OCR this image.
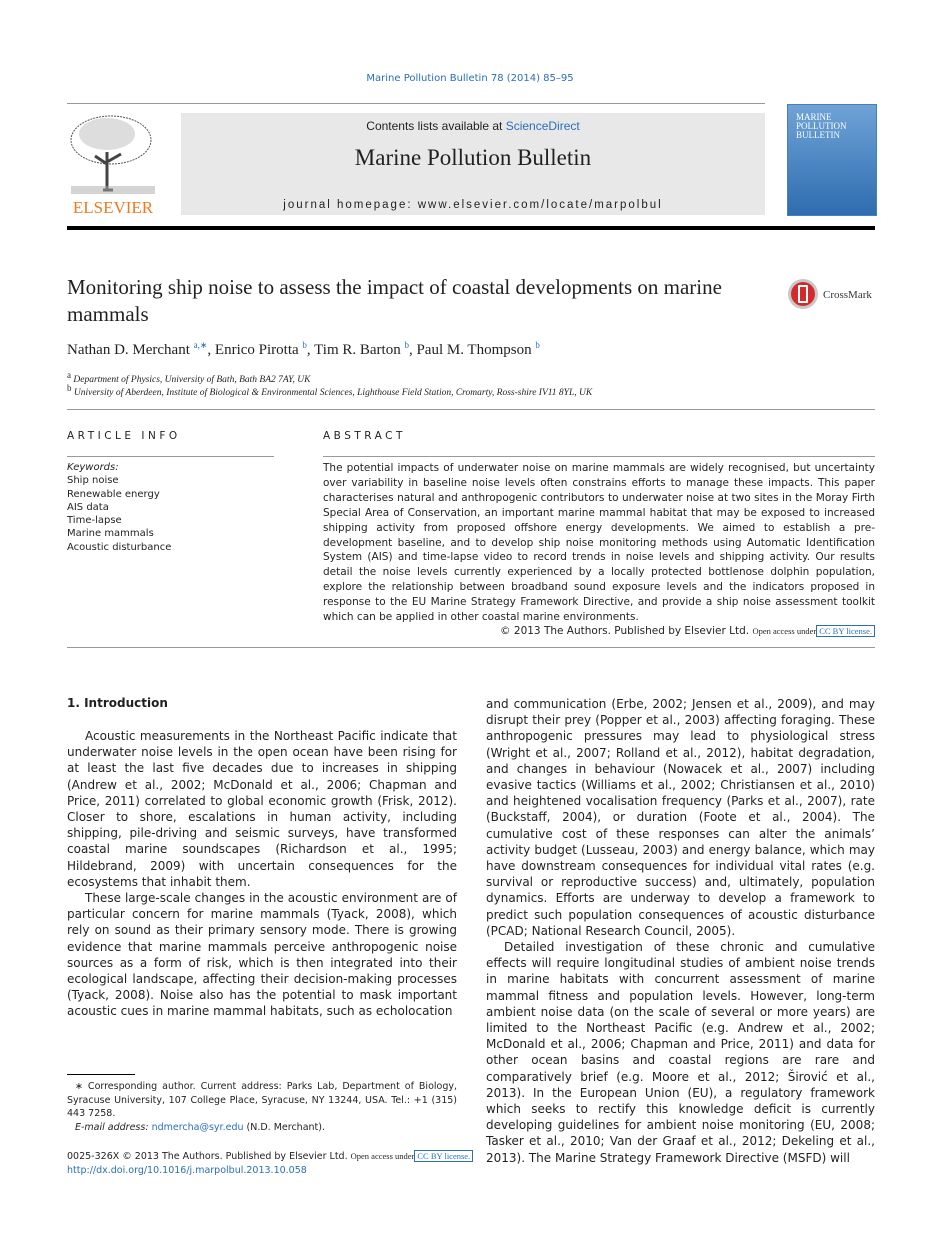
Marine Pollution Bulletin 78 (2014) 85–95
ELSEVIER
Contents lists available at ScienceDirect
Marine Pollution Bulletin
journal homepage: www.elsevier.com/locate/marpolbul
MARINE POLLUTION BULLETIN
Monitoring ship noise to assess the impact of coastal developments on marine mammals
CrossMark
Nathan D. Merchant $^{a,∗}$, Enrico Pirotta $^b$, Tim R. Barton $^b$, Paul M. Thompson $^b$
$^a$ Department of Physics, University of Bath, Bath BA2 7AY, UK
$^b$ University of Aberdeen, Institute of Biological & Environmental Sciences, Lighthouse Field Station, Cromarty, Ross-shire IV11 8YL, UK
ARTICLE INFO	ABSTRACT
Keywords:
Ship noise
Renewable energy
AIS data
Time-lapse
Marine mammals
Acoustic disturbance
The potential impacts of underwater noise on marine mammals are widely recognised, but uncertainty over variability in baseline noise levels often constrains efforts to manage these impacts. This paper characterises natural and anthropogenic contributors to underwater noise at two sites in the Moray Firth Special Area of Conservation, an important marine mammal habitat that may be exposed to increased shipping activity from proposed offshore energy developments. We aimed to establish a pre-development baseline, and to develop ship noise monitoring methods using Automatic Identification System (AIS) and time-lapse video to record trends in noise levels and shipping activity. Our results detail the noise levels currently experienced by a locally protected bottlenose dolphin population, explore the relationship between broadband sound exposure levels and the indicators proposed in response to the EU Marine Strategy Framework Directive, and provide a ship noise assessment toolkit which can be applied in other coastal marine environments.
© 2013 The Authors. Published by Elsevier Ltd. Open access under CC BY license.
1. Introduction

Acoustic measurements in the Northeast Pacific indicate that underwater noise levels in the open ocean have been rising for at least the last five decades due to increases in shipping (Andrew et al., 2002; McDonald et al., 2006; Chapman and Price, 2011) correlated to global economic growth (Frisk, 2012). Closer to shore, escalations in human activity, including shipping, pile-driving and seismic surveys, have transformed coastal marine soundscapes (Richardson et al., 1995; Hildebrand, 2009) with uncertain consequences for the ecosystems that inhabit them.

These large-scale changes in the acoustic environment are of particular concern for marine mammals (Tyack, 2008), which rely on sound as their primary sensory mode. There is growing evidence that marine mammals perceive anthropogenic noise sources as a form of risk, which is then integrated into their ecological landscape, affecting their decision-making processes (Tyack, 2008). Noise also has the potential to mask important acoustic cues in marine mammal habitats, such as echolocation

and communication (Erbe, 2002; Jensen et al., 2009), and may disrupt their prey (Popper et al., 2003) affecting foraging. These anthropogenic pressures may lead to physiological stress (Wright et al., 2007; Rolland et al., 2012), habitat degradation, and changes in behaviour (Nowacek et al., 2007) including evasive tactics (Williams et al., 2002; Christiansen et al., 2010) and heightened vocalisation frequency (Parks et al., 2007), rate (Buckstaff, 2004), or duration (Foote et al., 2004). The cumulative cost of these responses can alter the animals’ activity budget (Lusseau, 2003) and energy balance, which may have downstream consequences for individual vital rates (e.g. survival or reproductive success) and, ultimately, population dynamics. Efforts are underway to develop a framework to predict such population consequences of acoustic disturbance (PCAD; National Research Council, 2005).

Detailed investigation of these chronic and cumulative effects will require longitudinal studies of ambient noise trends in marine habitats with concurrent assessment of marine mammal fitness and population levels. However, long-term ambient noise data (on the scale of several or more years) are limited to the Northeast Pacific (e.g. Andrew et al., 2002; McDonald et al., 2006; Chapman and Price, 2011) and data for other ocean basins and coastal regions are rare and comparatively brief (e.g. Moore et al., 2012; Širović et al., 2013). In the European Union (EU), a regulatory framework which seeks to rectify this knowledge deficit is currently developing guidelines for ambient noise monitoring (EU, 2008; Tasker et al., 2010; Van der Graaf et al., 2012; Dekeling et al., 2013). The Marine Strategy Framework Directive (MSFD) will

∗ Corresponding author. Current address: Parks Lab, Department of Biology, Syracuse University, 107 College Place, Syracuse, NY 13244, USA. Tel.: +1 (315) 443 7258.

E-mail address: ndmercha@syr.edu (N.D. Merchant).

0025-326X © 2013 The Authors. Published by Elsevier Ltd. Open access under CC BY license.
http://dx.doi.org/10.1016/j.marpolbul.2013.10.058
